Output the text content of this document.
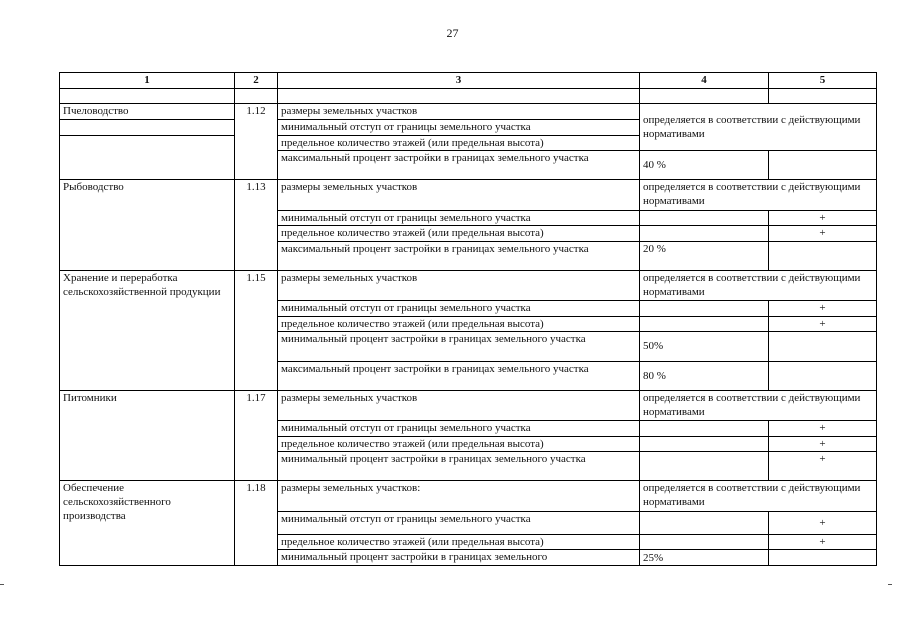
27
1	2	3	4	5

Пчеловодство	1.12	размеры земельных участков	определяется в соответствии с действующими нормативами	
		минимальный отступ от границы земельного участка		
		предельное количество этажей (или предельная высота)		
		максимальный процент застройки в границах земельного участка	40 %	
Рыбоводство	1.13	размеры земельных участков	определяется в соответствии с действующими нормативами	
		минимальный отступ от границы земельного участка		+
		предельное количество этажей (или предельная высота)		+
		максимальный процент застройки в границах земельного участка	20 %	
Хранение и переработка сельскохозяйственной продукции	1.15	размеры земельных участков	определяется в соответствии с действующими нормативами	
		минимальный отступ от границы земельного участка		+
		предельное количество этажей (или предельная высота)		+
		минимальный процент застройки в границах земельного участка	50%	
		максимальный процент застройки в границах земельного участка	80 %	
Питомники	1.17	размеры земельных участков	определяется в соответствии с действующими нормативами	
		минимальный отступ от границы земельного участка		+
		предельное количество этажей (или предельная высота)		+
		минимальный процент застройки в границах земельного участка		+
Обеспечение сельскохозяйственного производства	1.18	размеры земельных участков:	определяется в соответствии с действующими нормативами	
		минимальный отступ от границы земельного участка		+
		предельное количество этажей (или предельная высота)		+
		минимальный процент застройки в границах земельного	25%	
